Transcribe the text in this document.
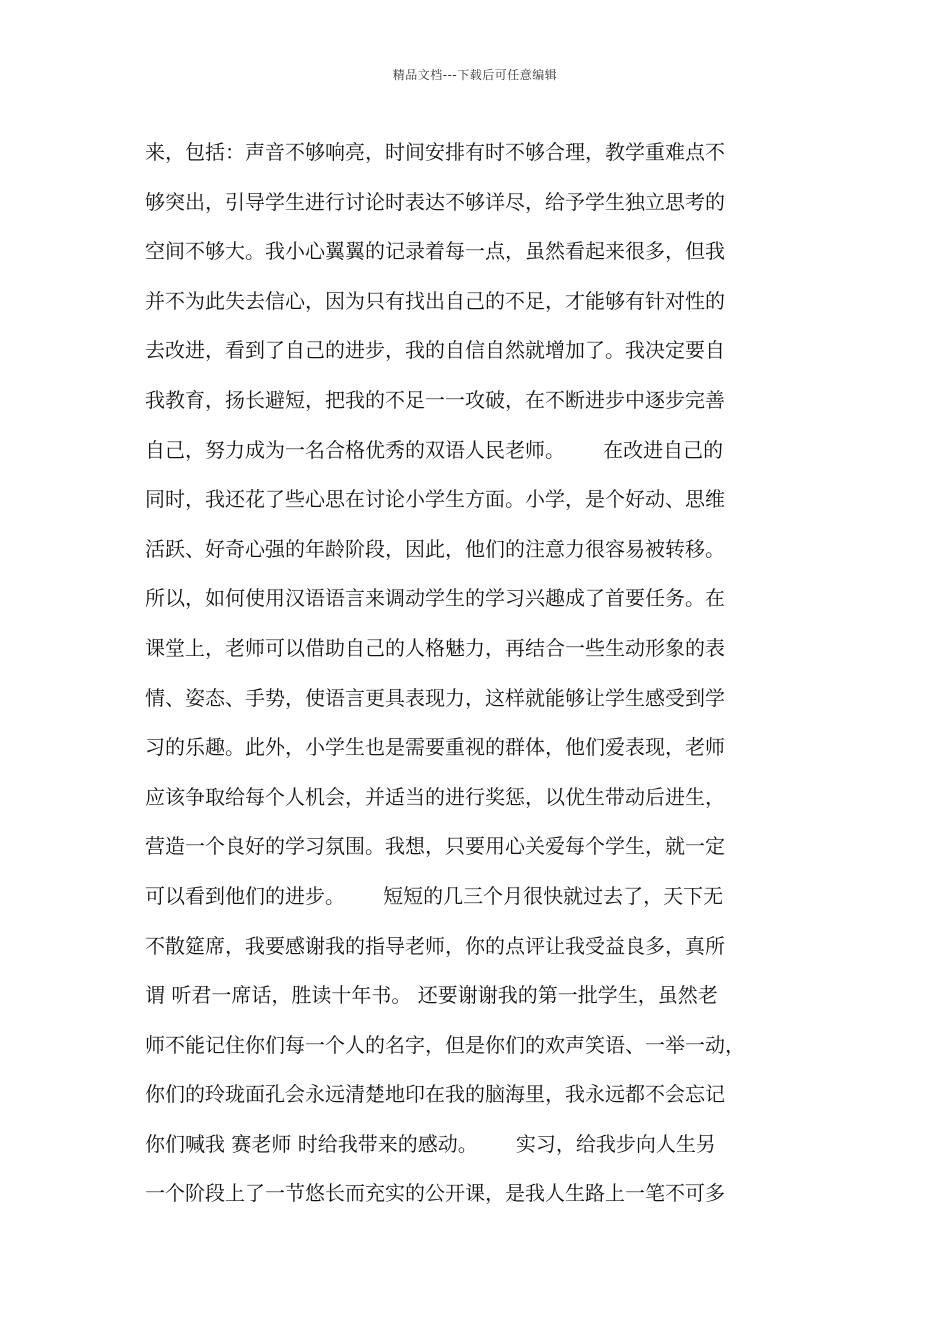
精品文档---下载后可任意编辑
来，包括：声音不够响亮，时间安排有时不够合理，教学重难点不
够突出，引导学生进行讨论时表达不够详尽，给予学生独立思考的
空间不够大。我小心翼翼的记录着每一点，虽然看起来很多，但我
并不为此失去信心，因为只有找出自己的不足，才能够有针对性的
去改进，看到了自己的进步，我的自信自然就增加了。我决定要自
我教育，扬长避短，把我的不足一一攻破，在不断进步中逐步完善
自己，努力成为一名合格优秀的双语人民老师。      在改进自己的
同时，我还花了些心思在讨论小学生方面。小学，是个好动、思维
活跃、好奇心强的年龄阶段，因此，他们的注意力很容易被转移。
所以，如何使用汉语语言来调动学生的学习兴趣成了首要任务。在
课堂上，老师可以借助自己的人格魅力，再结合一些生动形象的表
情、姿态、手势，使语言更具表现力，这样就能够让学生感受到学
习的乐趣。此外，小学生也是需要重视的群体，他们爱表现，老师
应该争取给每个人机会，并适当的进行奖惩，以优生带动后进生，
营造一个良好的学习氛围。我想，只要用心关爱每个学生，就一定
可以看到他们的进步。      短短的几三个月很快就过去了，天下无
不散筵席，我要感谢我的指导老师，你的点评让我受益良多，真所
谓 听君一席话，胜读十年书。 还要谢谢我的第一批学生，虽然老
师不能记住你们每一个人的名字，但是你们的欢声笑语、一举一动，
你们的玲珑面孔会永远清楚地印在我的脑海里，我永远都不会忘记
你们喊我 赛老师 时给我带来的感动。      实习，给我步向人生另
一个阶段上了一节悠长而充实的公开课，是我人生路上一笔不可多
